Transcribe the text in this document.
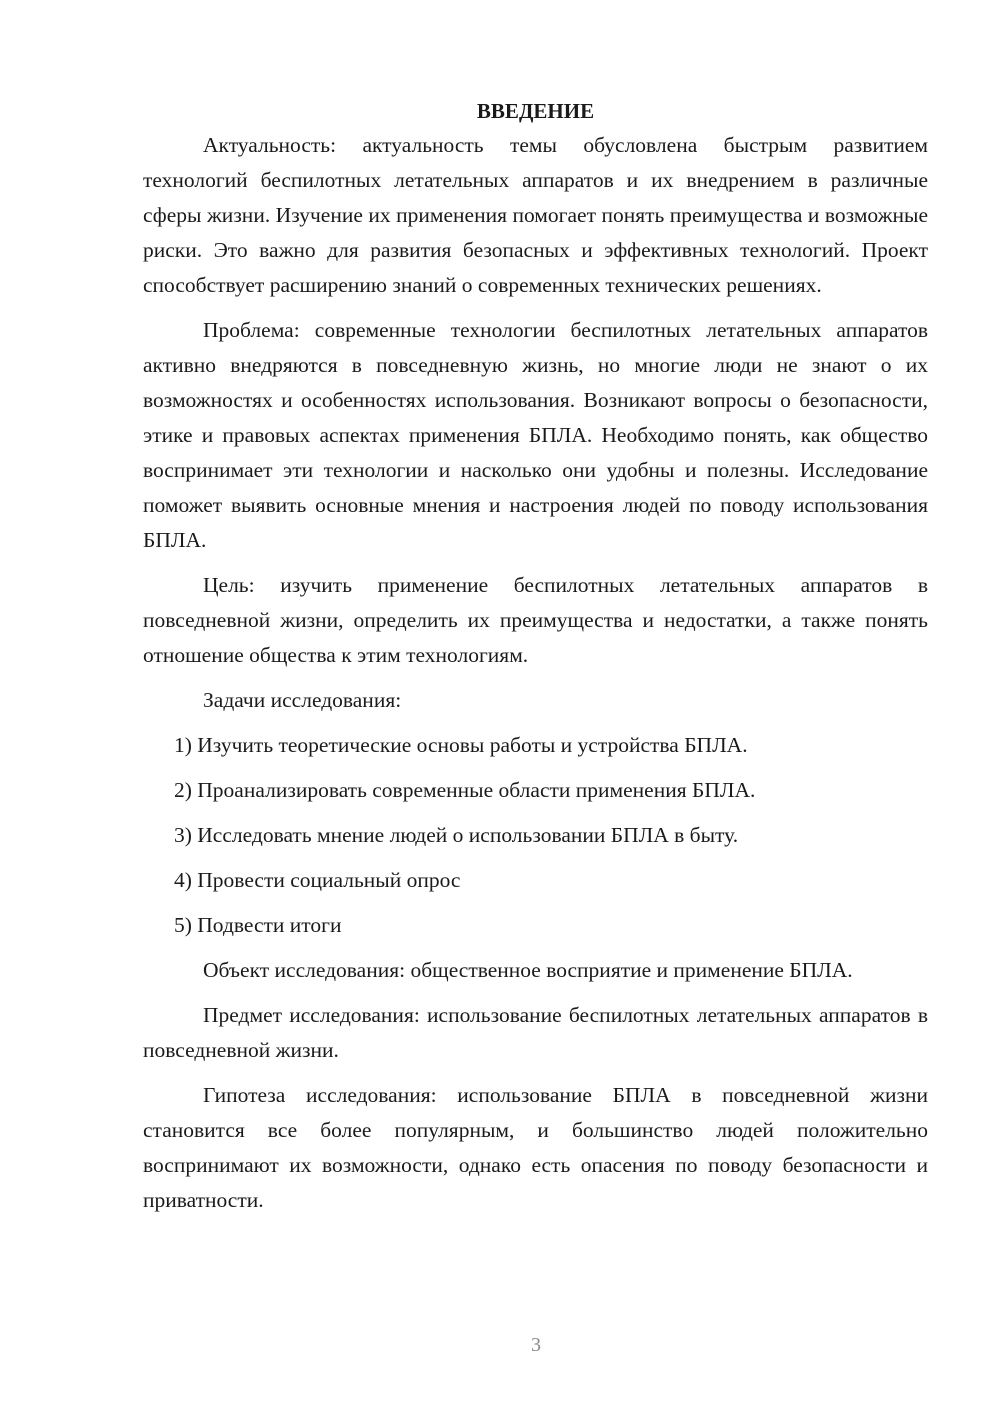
ВВЕДЕНИЕ

Актуальность: актуальность темы обусловлена быстрым развитием технологий беспилотных летательных аппаратов и их внедрением в различные сферы жизни. Изучение их применения помогает понять преимущества и возможные риски. Это важно для развития безопасных и эффективных технологий. Проект способствует расширению знаний о современных технических решениях.

Проблема: современные технологии беспилотных летательных аппаратов активно внедряются в повседневную жизнь, но многие люди не знают о их возможностях и особенностях использования. Возникают вопросы о безопасности, этике и правовых аспектах применения БПЛА. Необходимо понять, как общество воспринимает эти технологии и насколько они удобны и полезны. Исследование поможет выявить основные мнения и настроения людей по поводу использования БПЛА.

Цель: изучить применение беспилотных летательных аппаратов в повседневной жизни, определить их преимущества и недостатки, а также понять отношение общества к этим технологиям.

Задачи исследования:

1) Изучить теоретические основы работы и устройства БПЛА.
2) Проанализировать современные области применения БПЛА.
3) Исследовать мнение людей о использовании БПЛА в быту.
4) Провести социальный опрос
5) Подвести итоги

Объект исследования: общественное восприятие и применение БПЛА.

Предмет исследования: использование беспилотных летательных аппаратов в повседневной жизни.

Гипотеза исследования: использование БПЛА в повседневной жизни становится все более популярным, и большинство людей положительно воспринимают их возможности, однако есть опасения по поводу безопасности и приватности.

3
